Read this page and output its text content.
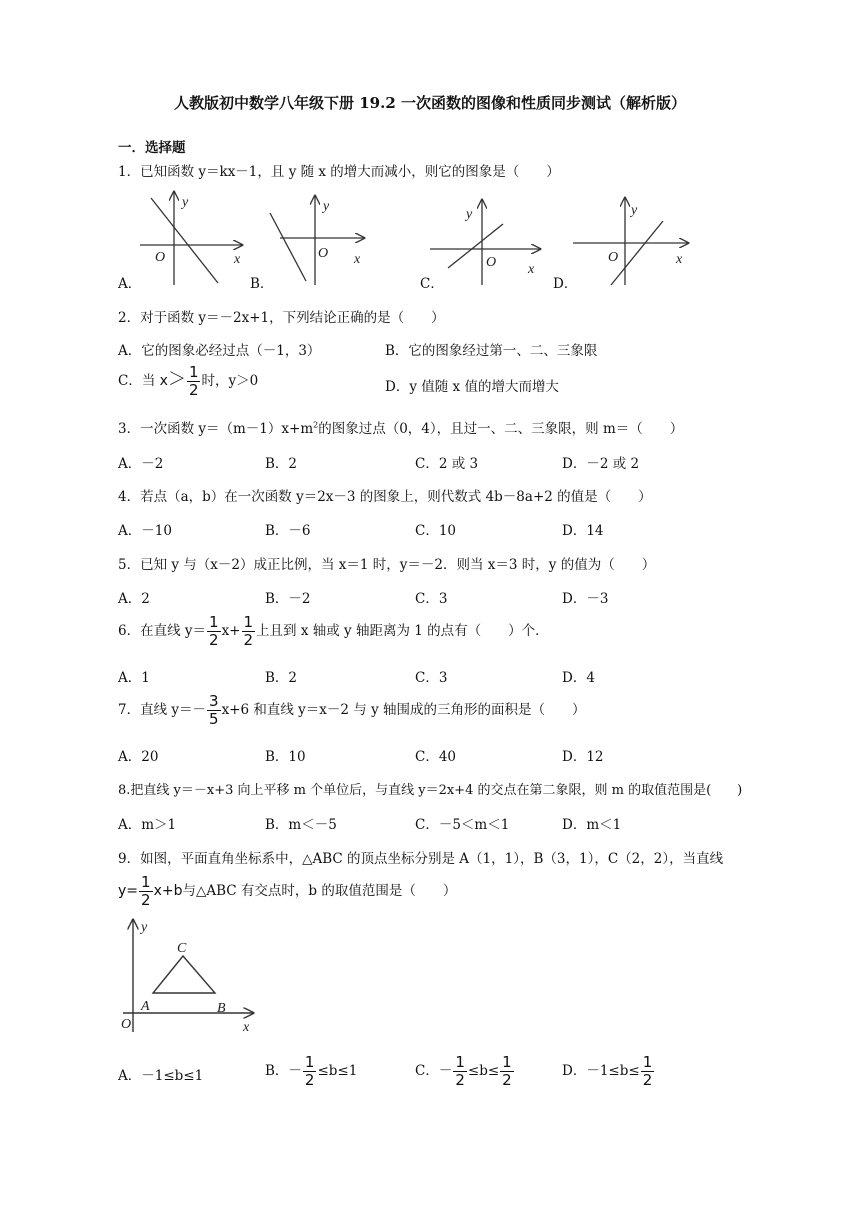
人教版初中数学八年级下册 19.2 一次函数的图像和性质同步测试（解析版）
一．选择题
1．已知函数 y＝kx－1，且 y 随 x 的增大而减小，则它的图象是（　　）
y
O	x
y
O x
y
O x
y
O	x
A．	B．	C．	D．
2．对于函数 y＝－2x+1，下列结论正确的是（　　）
A．它的图象必经过点（－1，3）	B．它的图象经过第一、二、三象限
C．当 $x> \frac{1}{2}$ 时，y＞0	D．y 值随 x 值的增大而增大
3．一次函数 $y=(m-1)x+m^2$的图象过点（0，4），且过一、二、三象限，则 m＝（　　）
A．－2	B．2	C．2 或 3	D．－2 或 2
4．若点（a，b）在一次函数 y＝2x－3 的图象上，则代数式 4b－8a+2 的值是（　　）
A．－10	B．－6	C．10	D．14
5．已知 y 与（x－2）成正比例，当 x＝1 时，y＝－2．则当 x＝3 时，y 的值为（　　）
A．2	B．－2	C．3	D．－3
6．在直线 $y= \frac{1}{2} x+ \frac{1}{2}$ 上且到 x 轴或 y 轴距离为 1 的点有（　　）个．
A．1	B．2	C．3	D．4
7．直线 $y=- \frac{3}{5} x+6$ 和直线 y＝x－2 与 y 轴围成的三角形的面积是（　　）
A．20	B．10	C．40	D．12
8.把直线 y＝－x+3 向上平移 m 个单位后，与直线 y＝2x+4 的交点在第二象限，则 m 的取值范围是(　　)
A．m＞1	B．m＜－5	C．－5＜m＜1	D．m＜1
9．如图，平面直角坐标系中，△ABC 的顶点坐标分别是 A（1，1），B（3，1），C（2，2），当直线
$y= \frac{1}{2} x+b$与△ABC 有交点时，b 的取值范围是（　　）
y
O	x
C
A	B
A．－1≤b≤1	B．－ $\frac{1}{2} \le b\le 1$	C．－ $\frac{1}{2} \le b\le \frac{1}{2}$	D．$-1\le b\le \frac{1}{2}$
